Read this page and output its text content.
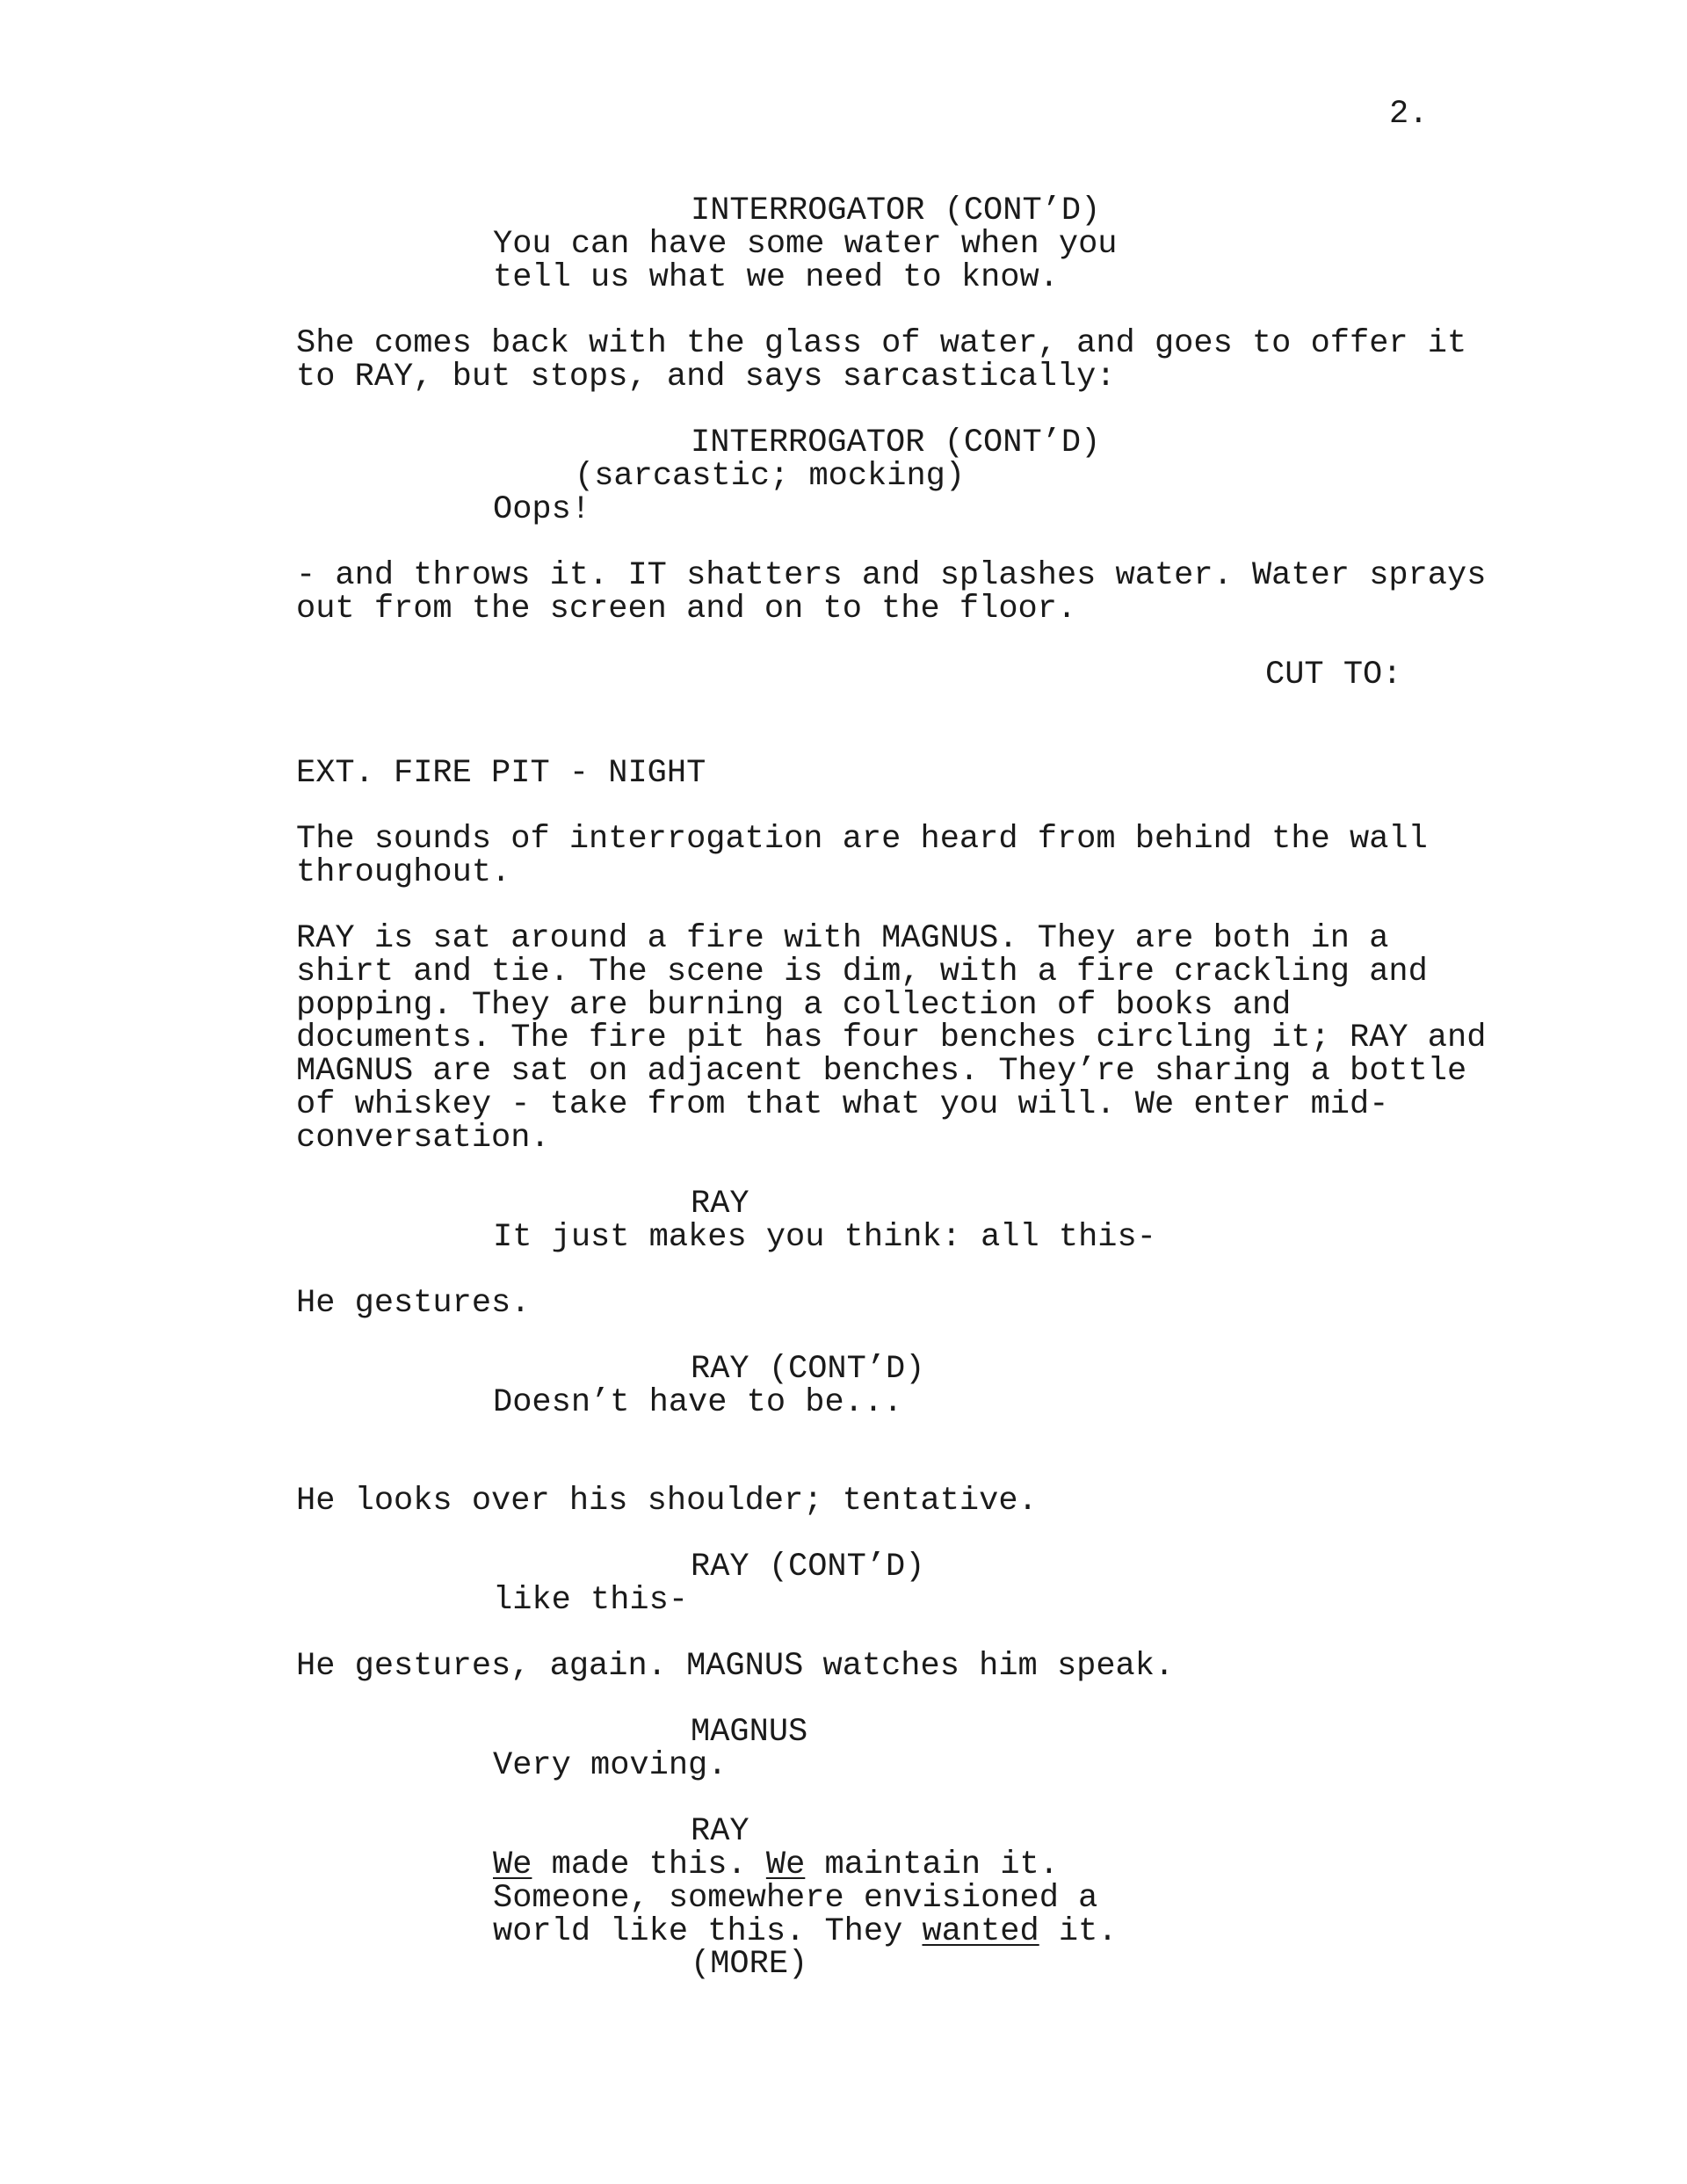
2.
INTERROGATOR (CONT’D)
You can have some water when you
tell us what we need to know.
She comes back with the glass of water, and goes to offer it
to RAY, but stops, and says sarcastically:
INTERROGATOR (CONT’D)
(sarcastic; mocking)
Oops!
- and throws it. IT shatters and splashes water. Water sprays
out from the screen and on to the floor.
CUT TO:
EXT. FIRE PIT - NIGHT
The sounds of interrogation are heard from behind the wall
throughout.
RAY is sat around a fire with MAGNUS. They are both in a
shirt and tie. The scene is dim, with a fire crackling and
popping. They are burning a collection of books and
documents. The fire pit has four benches circling it; RAY and
MAGNUS are sat on adjacent benches. They’re sharing a bottle
of whiskey - take from that what you will. We enter mid-
conversation.
RAY
It just makes you think: all this-
He gestures.
RAY (CONT’D)
Doesn’t have to be...
He looks over his shoulder; tentative.
RAY (CONT’D)
like this-
He gestures, again. MAGNUS watches him speak.
MAGNUS
Very moving.
RAY
We made this. We maintain it.
Someone, somewhere envisioned a
world like this. They wanted it.
(MORE)
